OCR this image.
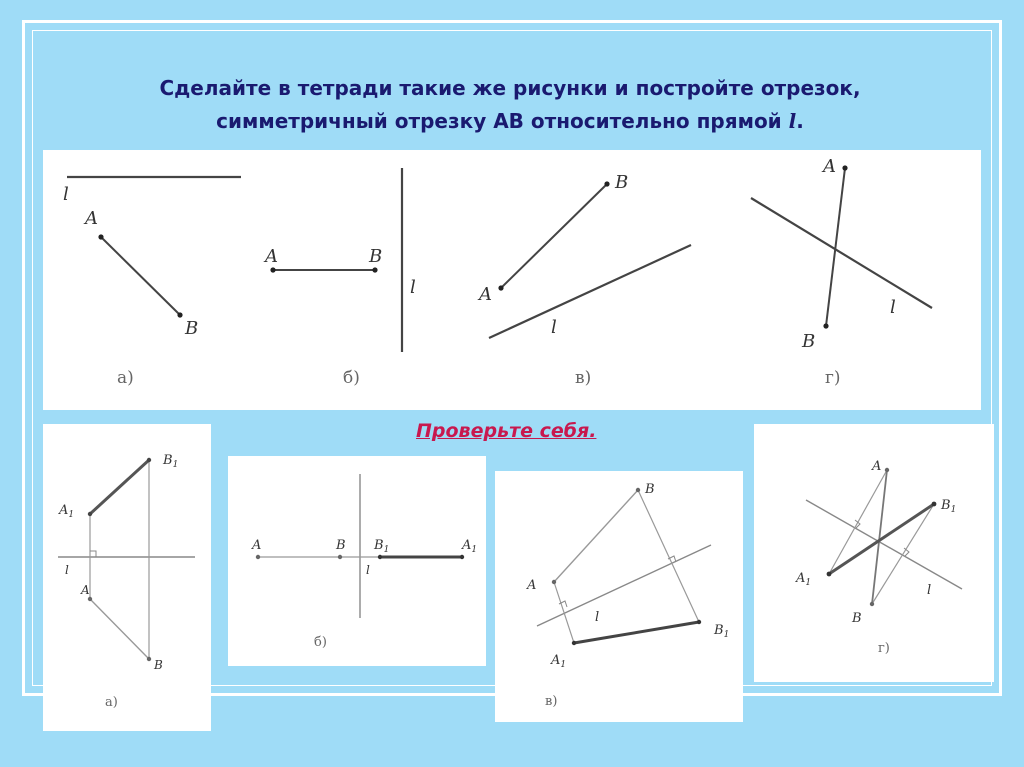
Сделайте в тетради такие же рисунки и постройте отрезок,
симметричный отрезку АВ относительно прямой l.
l
A
B
а)
A	B
l
б)
A
B
l
в)
l
A
B
г)
Проверьте себя.
$A_1$
$B_1$
A
B
l
а)
A	B $B_1$	$A_1$
l
б)
A
B
$A_1$
$B_1$
l
в)
A
B
$A_1$
$B_1$
l
г)
